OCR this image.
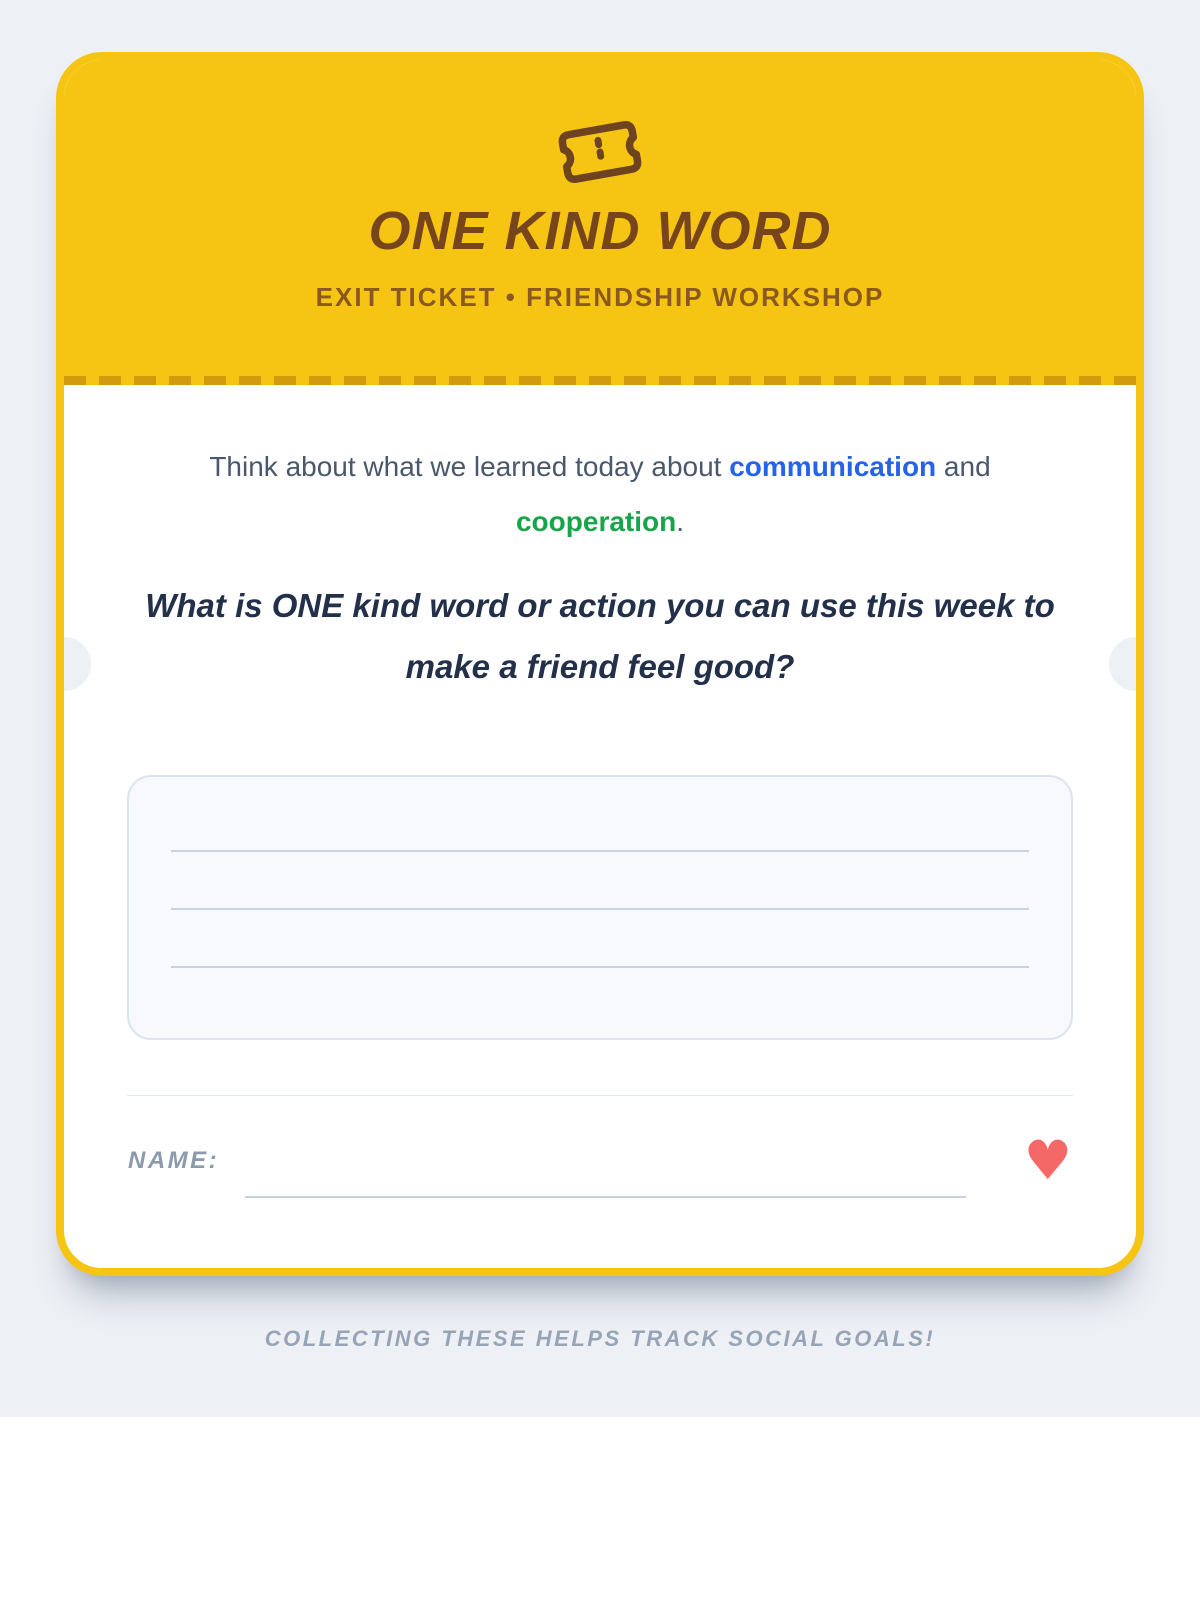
ONE KIND WORD
EXIT TICKET • FRIENDSHIP WORKSHOP
Think about what we learned today about communication and
cooperation.
What is ONE kind word or action you can use this week to make a friend feel good?
NAME:	♥
COLLECTING THESE HELPS TRACK SOCIAL GOALS!
